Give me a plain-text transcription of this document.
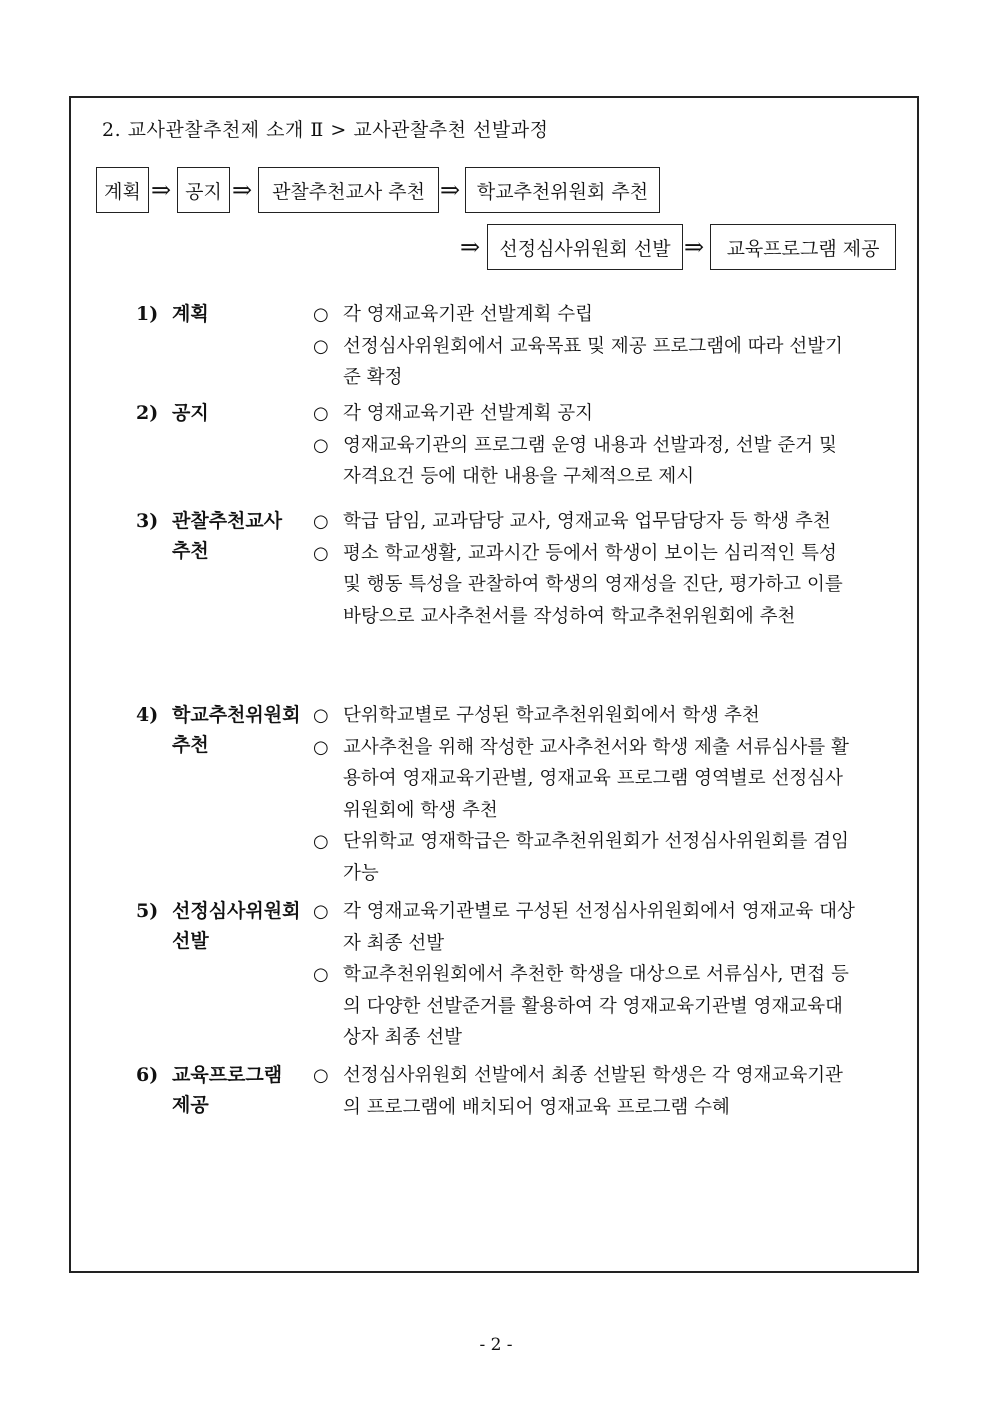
2. 교사관찰추천제 소개 Ⅱ > 교사관찰추천 선발과정
계획 ⇒ 공지 ⇒	관찰추천교사 추천 ⇒ 학교추천위원회 추천
⇒	선정심사위원회 선발 ⇒	교육프로그램 제공
1) 계획	○ 각 영재교육기관 선발계획 수립
○ 선정심사위원회에서 교육목표 및 제공 프로그램에 따라 선발기준 확정
2) 공지	○ 각 영재교육기관 선발계획 공지
○ 영재교육기관의 프로그램 운영 내용과 선발과정, 선발 준거 및 자격요건 등에 대한 내용을 구체적으로 제시
3) 관찰추천교사
추천
○ 학급 담임, 교과담당 교사, 영재교육 업무담당자 등 학생 추천
○ 평소 학교생활, 교과시간 등에서 학생이 보이는 심리적인 특성 및 행동 특성을 관찰하여 학생의 영재성을 진단, 평가하고 이를 바탕으로 교사추천서를 작성하여 학교추천위원회에 추천
4) 학교추천위원회
추천
○ 단위학교별로 구성된 학교추천위원회에서 학생 추천
○ 교사추천을 위해 작성한 교사추천서와 학생 제출 서류심사를 활용하여 영재교육기관별, 영재교육 프로그램 영역별로 선정심사위원회에 학생 추천
○ 단위학교 영재학급은 학교추천위원회가 선정심사위원회를 겸임 가능
5) 선정심사위원회
선발
○ 각 영재교육기관별로 구성된 선정심사위원회에서 영재교육 대상자 최종 선발
○ 학교추천위원회에서 추천한 학생을 대상으로 서류심사, 면접 등의 다양한 선발준거를 활용하여 각 영재교육기관별 영재교육대상자 최종 선발
6) 교육프로그램
제공
○ 선정심사위원회 선발에서 최종 선발된 학생은 각 영재교육기관의 프로그램에 배치되어 영재교육 프로그램 수혜
- 2 -
